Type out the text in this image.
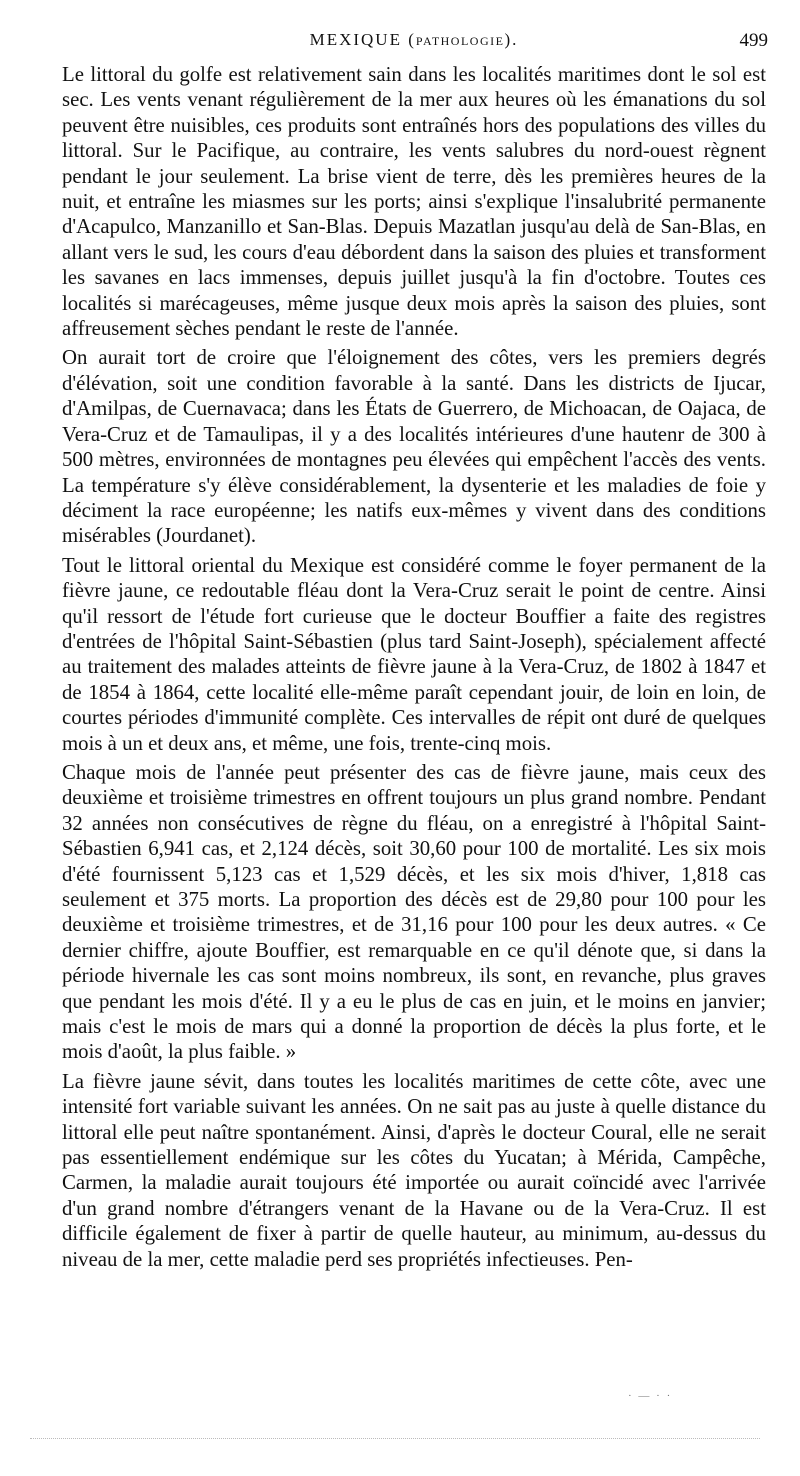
MEXIQUE (PATHOLOGIE).	499

Le littoral du golfe est relativement sain dans les localités maritimes dont le sol est sec. Les vents venant régulièrement de la mer aux heures où les émanations du sol peuvent être nuisibles, ces produits sont entraînés hors des populations des villes du littoral. Sur le Pacifique, au contraire, les vents salubres du nord-ouest règnent pendant le jour seulement. La brise vient de terre, dès les premières heures de la nuit, et entraîne les miasmes sur les ports; ainsi s'explique l'insalubrité permanente d'Acapulco, Manzanillo et San-Blas. Depuis Mazatlan jusqu'au delà de San-Blas, en allant vers le sud, les cours d'eau débordent dans la saison des pluies et transforment les savanes en lacs immenses, depuis juillet jusqu'à la fin d'octobre. Toutes ces localités si marécageuses, même jusque deux mois après la saison des pluies, sont affreusement sèches pendant le reste de l'année.

On aurait tort de croire que l'éloignement des côtes, vers les premiers degrés d'élévation, soit une condition favorable à la santé. Dans les districts de Ijucar, d'Amilpas, de Cuernavaca; dans les États de Guerrero, de Michoacan, de Oajaca, de Vera-Cruz et de Tamaulipas, il y a des localités intérieures d'une hautenr de 300 à 500 mètres, environnées de montagnes peu élevées qui empêchent l'accès des vents. La température s'y élève considérablement, la dysenterie et les maladies de foie y déciment la race européenne; les natifs eux-mêmes y vivent dans des conditions misérables (Jourdanet).

Tout le littoral oriental du Mexique est considéré comme le foyer permanent de la fièvre jaune, ce redoutable fléau dont la Vera-Cruz serait le point de centre. Ainsi qu'il ressort de l'étude fort curieuse que le docteur Bouffier a faite des registres d'entrées de l'hôpital Saint-Sébastien (plus tard Saint-Joseph), spécialement affecté au traitement des malades atteints de fièvre jaune à la Vera-Cruz, de 1802 à 1847 et de 1854 à 1864, cette localité elle-même paraît cependant jouir, de loin en loin, de courtes périodes d'immunité complète. Ces intervalles de répit ont duré de quelques mois à un et deux ans, et même, une fois, trente-cinq mois.

Chaque mois de l'année peut présenter des cas de fièvre jaune, mais ceux des deuxième et troisième trimestres en offrent toujours un plus grand nombre. Pendant 32 années non consécutives de règne du fléau, on a enregistré à l'hôpital Saint-Sébastien 6,941 cas, et 2,124 décès, soit 30,60 pour 100 de mortalité. Les six mois d'été fournissent 5,123 cas et 1,529 décès, et les six mois d'hiver, 1,818 cas seulement et 375 morts. La proportion des décès est de 29,80 pour 100 pour les deuxième et troisième trimestres, et de 31,16 pour 100 pour les deux autres. « Ce dernier chiffre, ajoute Bouffier, est remarquable en ce qu'il dénote que, si dans la période hivernale les cas sont moins nombreux, ils sont, en revanche, plus graves que pendant les mois d'été. Il y a eu le plus de cas en juin, et le moins en janvier; mais c'est le mois de mars qui a donné la proportion de décès la plus forte, et le mois d'août, la plus faible. »

La fièvre jaune sévit, dans toutes les localités maritimes de cette côte, avec une intensité fort variable suivant les années. On ne sait pas au juste à quelle distance du littoral elle peut naître spontanément. Ainsi, d'après le docteur Coural, elle ne serait pas essentiellement endémique sur les côtes du Yucatan; à Mérida, Campêche, Carmen, la maladie aurait toujours été importée ou aurait coïncidé avec l'arrivée d'un grand nombre d'étrangers venant de la Havane ou de la Vera-Cruz. Il est difficile également de fixer à partir de quelle hauteur, au minimum, au-dessus du niveau de la mer, cette maladie perd ses propriétés infectieuses. Pen-

· — · ·
